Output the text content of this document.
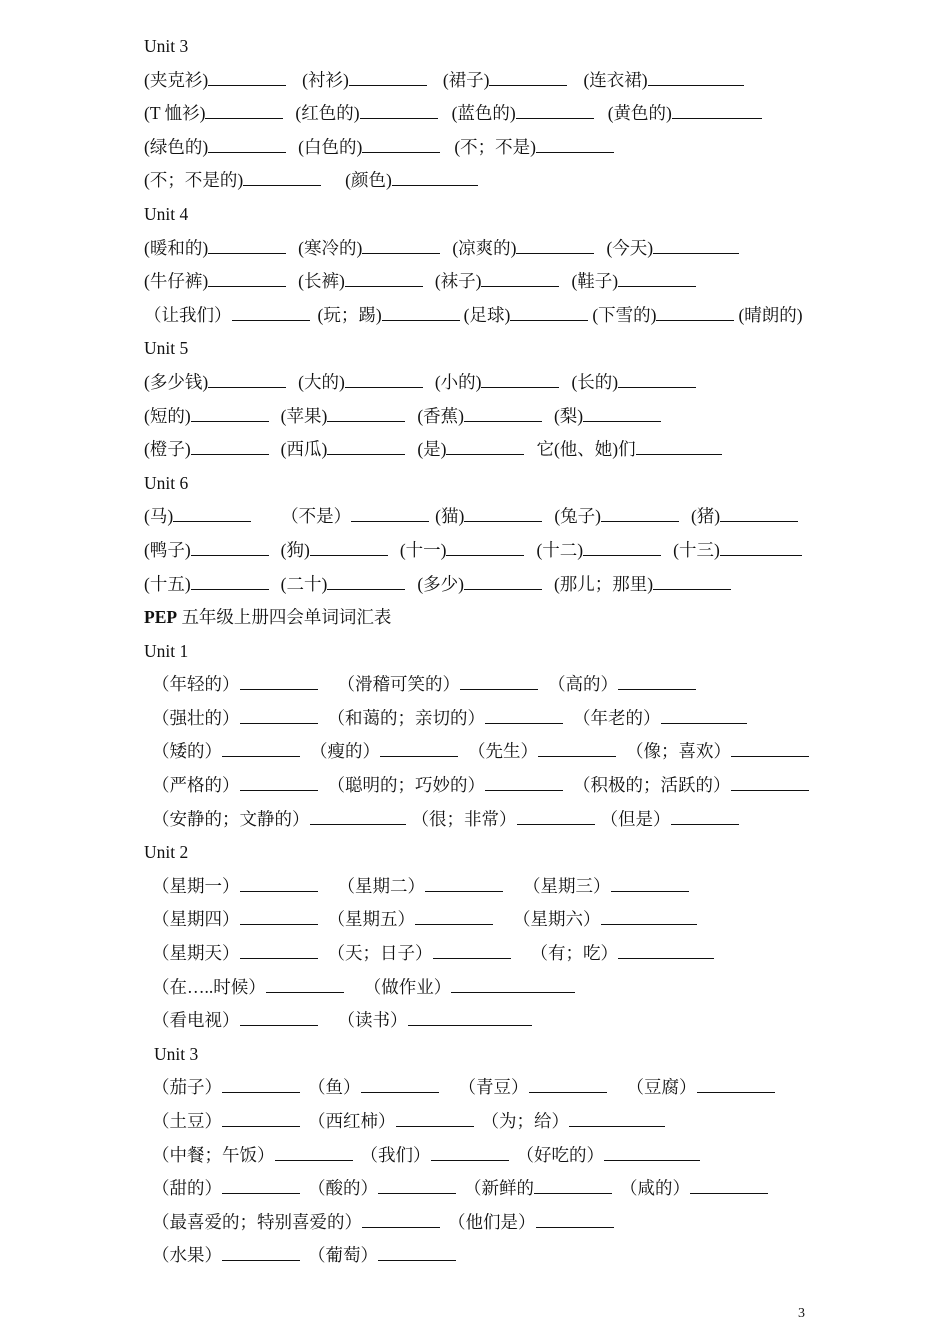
Unit 3
(夹克衫)	(衬衫)	(裙子)	(连衣裙)
(T 恤衫)	(红色的)	(蓝色的)	(黄色的)
(绿色的)	(白色的)	(不；不是)
(不；不是的)	(颜色)
Unit 4
(暖和的)	(寒冷的)	(凉爽的)	(今天)
(牛仔裤)	(长裤)	(袜子)	(鞋子)
（让我们）	(玩；踢)	(足球)	(下雪的)	(晴朗的)
Unit 5
(多少钱)	(大的)	(小的)	(长的)
(短的)	(苹果)	(香蕉)	(梨)
(橙子)	(西瓜)	(是)	它(他、她)们
Unit 6
(马)	（不是）	(猫)	(兔子)	(猪)
(鸭子)	(狗)	(十一)	(十二)	(十三)
(十五)	(二十)	(多少)	(那儿；那里)
PEP 五年级上册四会单词词汇表
Unit 1
（年轻的）	（滑稽可笑的）	（高的）
（强壮的）	（和蔼的；亲切的）	（年老的）
（矮的）	（瘦的）	（先生）	（像；喜欢）
（严格的）	（聪明的；巧妙的）	（积极的；活跃的）
（安静的；文静的）	（很；非常）	（但是）
Unit 2
（星期一）	（星期二）	（星期三）
（星期四）	（星期五）	（星期六）
（星期天）	（天；日子）	（有；吃）
（在…..时候）	（做作业）
（看电视）	（读书）
Unit 3
（茄子）	（鱼）	（青豆）	（豆腐）
（土豆）	（西红柿）	（为；给）
（中餐；午饭）	（我们）	（好吃的）
（甜的）	（酸的）	（新鲜的	（咸的）
（最喜爱的；特别喜爱的）	（他们是）
（水果）	（葡萄）
3
